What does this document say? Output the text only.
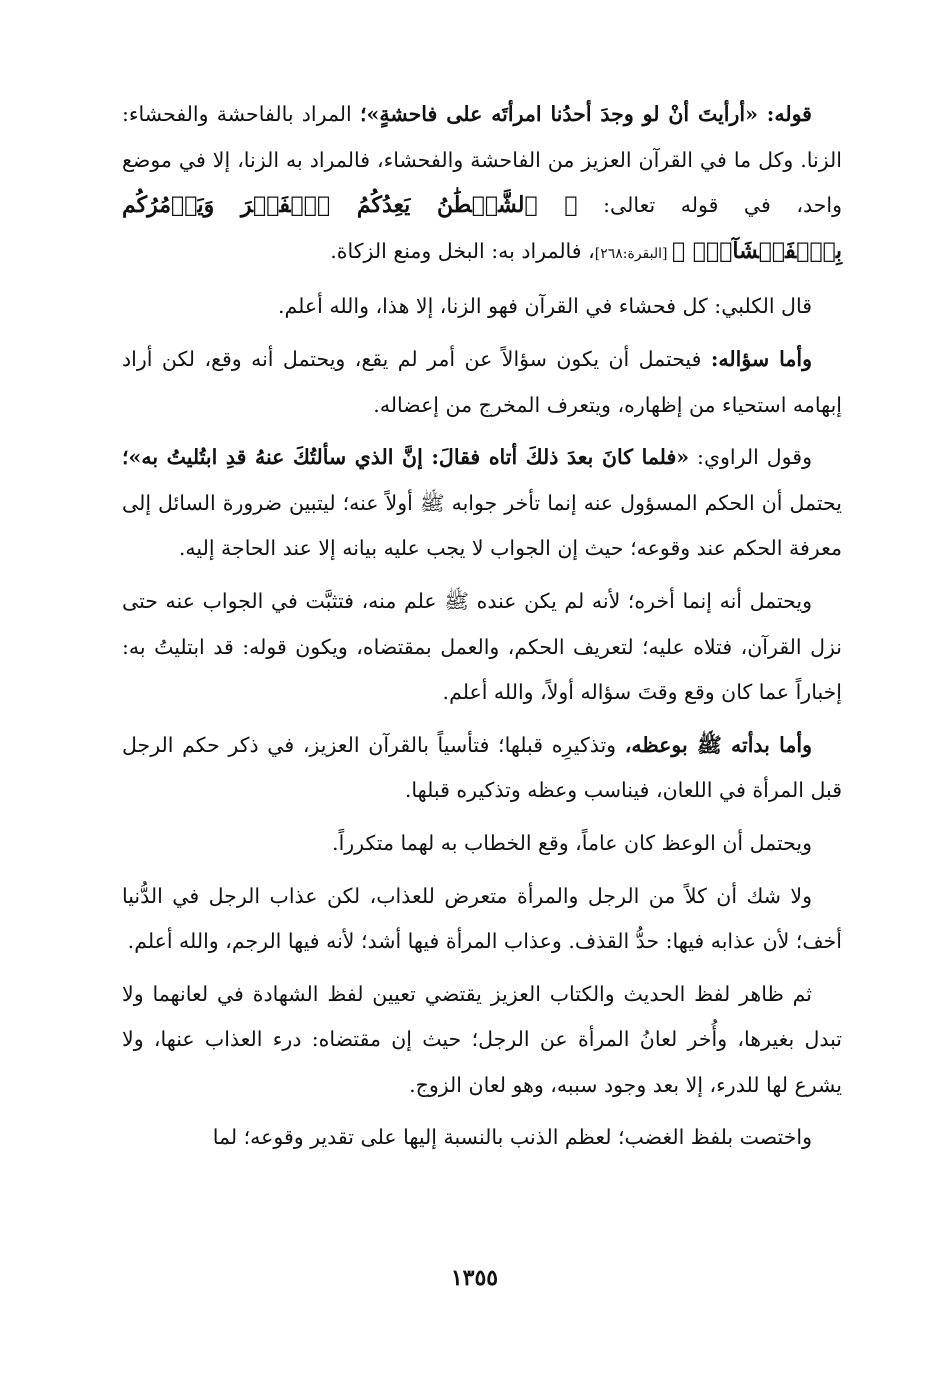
قوله: «أرأيتَ أنْ لو وجدَ أحدُنا امرأتَه على فاحشةٍ»؛ المراد بالفاحشة والفحشاء: الزنا. وكل ما في القرآن العزيز من الفاحشة والفحشاء، فالمراد به الزنا، إلا في موضع واحد، في قوله تعالى: ﴿ ٱلشَّيۡطَٰنُ يَعِدُكُمُ ٱلۡفَقۡرَ وَيَأۡمُرُكُم بِٱلۡفَحۡشَآءِۖ ﴾ [البقرة:٢٦٨]، فالمراد به: البخل ومنع الزكاة.

قال الكلبي: كل فحشاء في القرآن فهو الزنا، إلا هذا، والله أعلم.

وأما سؤاله: فيحتمل أن يكون سؤالاً عن أمر لم يقع، ويحتمل أنه وقع، لكن أراد إبهامه استحياء من إظهاره، ويتعرف المخرج من إعضاله.

وقول الراوي: «فلما كانَ بعدَ ذلكَ أتاه فقالَ: إنَّ الذي سألتُكَ عنهُ قدِ ابتُليتُ به»؛ يحتمل أن الحكم المسؤول عنه إنما تأخر جوابه ﷺ أولاً عنه؛ ليتبين ضرورة السائل إلى معرفة الحكم عند وقوعه؛ حيث إن الجواب لا يجب عليه بيانه إلا عند الحاجة إليه.

ويحتمل أنه إنما أخره؛ لأنه لم يكن عنده ﷺ علم منه، فتثبَّت في الجواب عنه حتى نزل القرآن، فتلاه عليه؛ لتعريف الحكم، والعمل بمقتضاه، ويكون قوله: قد ابتليتُ به: إخباراً عما كان وقع وقتَ سؤاله أولاً، والله أعلم.

وأما بدأته ﷺ بوعظه، وتذكيرِه قبلها؛ فتأسياً بالقرآن العزيز، في ذكر حكم الرجل قبل المرأة في اللعان، فيناسب وعظه وتذكيره قبلها.

ويحتمل أن الوعظ كان عاماً، وقع الخطاب به لهما متكرراً.

ولا شك أن كلاً من الرجل والمرأة متعرض للعذاب، لكن عذاب الرجل في الدُّنيا أخف؛ لأن عذابه فيها: حدُّ القذف. وعذاب المرأة فيها أشد؛ لأنه فيها الرجم، والله أعلم.

ثم ظاهر لفظ الحديث والكتاب العزيز يقتضي تعيين لفظ الشهادة في لعانهما ولا تبدل بغيرها، وأُخر لعانُ المرأة عن الرجل؛ حيث إن مقتضاه: درء العذاب عنها، ولا يشرع لها للدرء، إلا بعد وجود سببه، وهو لعان الزوج.

واختصت بلفظ الغضب؛ لعظم الذنب بالنسبة إليها على تقدير وقوعه؛ لما

١٣٥٥
